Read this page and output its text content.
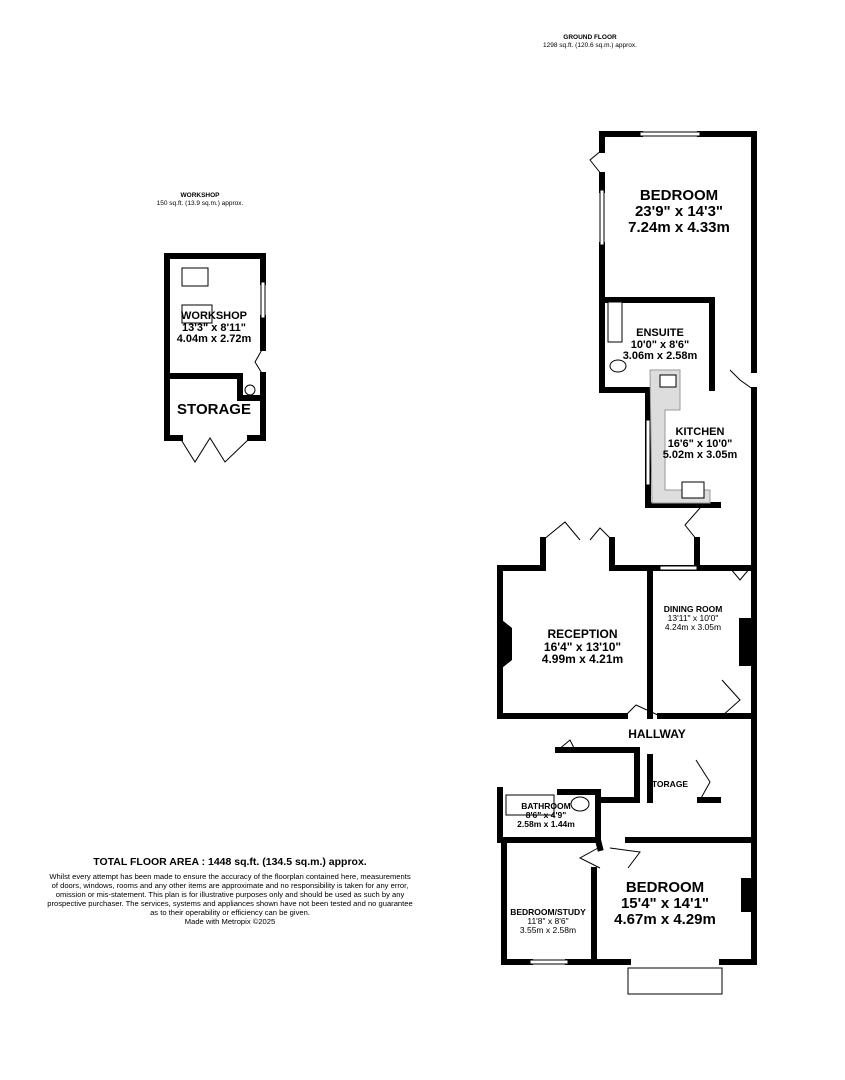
GROUND FLOOR
1298 sq.ft. (120.6 sq.m.) approx.
WORKSHOP
150 sq.ft. (13.9 sq.m.) approx.	BEDROOM
23'9" x 14'3"
7.24m x 4.33m
ENSUITE
10'0" x 8'6"
3.06m x 2.58m
KITCHEN
16'6" x 10'0"
5.02m x 3.05m
RECEPTION
16'4" x 13'10"
4.99m x 4.21m
DINING ROOM
13'11" x 10'0"
4.24m x 3.05m
HALLWAY
TORAGE
BATHROOM
8'6" x 4'9"
2.58m x 1.44m
BEDROOM
15'4" x 14'1"
4.67m x 4.29m
BEDROOM/STUDY
11'8" x 8'6"
3.55m x 2.58m
WORKSHOP
13'3" x 8'11"
4.04m x 2.72m
STORAGE
TOTAL FLOOR AREA : 1448 sq.ft. (134.5 sq.m.) approx.
Whilst every attempt has been made to ensure the accuracy of the floorplan contained here, measurements
of doors, windows, rooms and any other items are approximate and no responsibility is taken for any error,
omission or mis-statement. This plan is for illustrative purposes only and should be used as such by any
prospective purchaser. The services, systems and appliances shown have not been tested and no guarantee
as to their operability or efficiency can be given.
Made with Metropix ©2025
